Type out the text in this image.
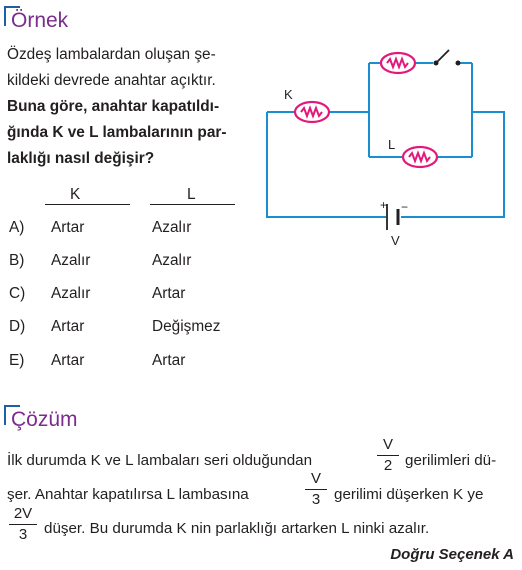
Örnek
Özdeş lambalardan oluşan şe-
kildeki devrede anahtar açıktır.
Buna göre, anahtar kapatıldı-
ğında K ve L lambalarının par-
laklığı nasıl değişir?
K	L
A) Artar	Azalır
B) Azalır	Azalır
C) Azalır	Artar
D) Artar	Değişmez
E) Artar	Artar
K
L
+ −
V
Çözüm
İlk durumda K ve L lambaları seri olduğundan
V
2 gerilimleri dü-
şer. Anahtar kapatılırsa L lambasına
V
3 gerilimi düşerken K ye
2V
3	düşer. Bu durumda K nin parlaklığı artarken L ninki azalır.
Doğru Seçenek A
